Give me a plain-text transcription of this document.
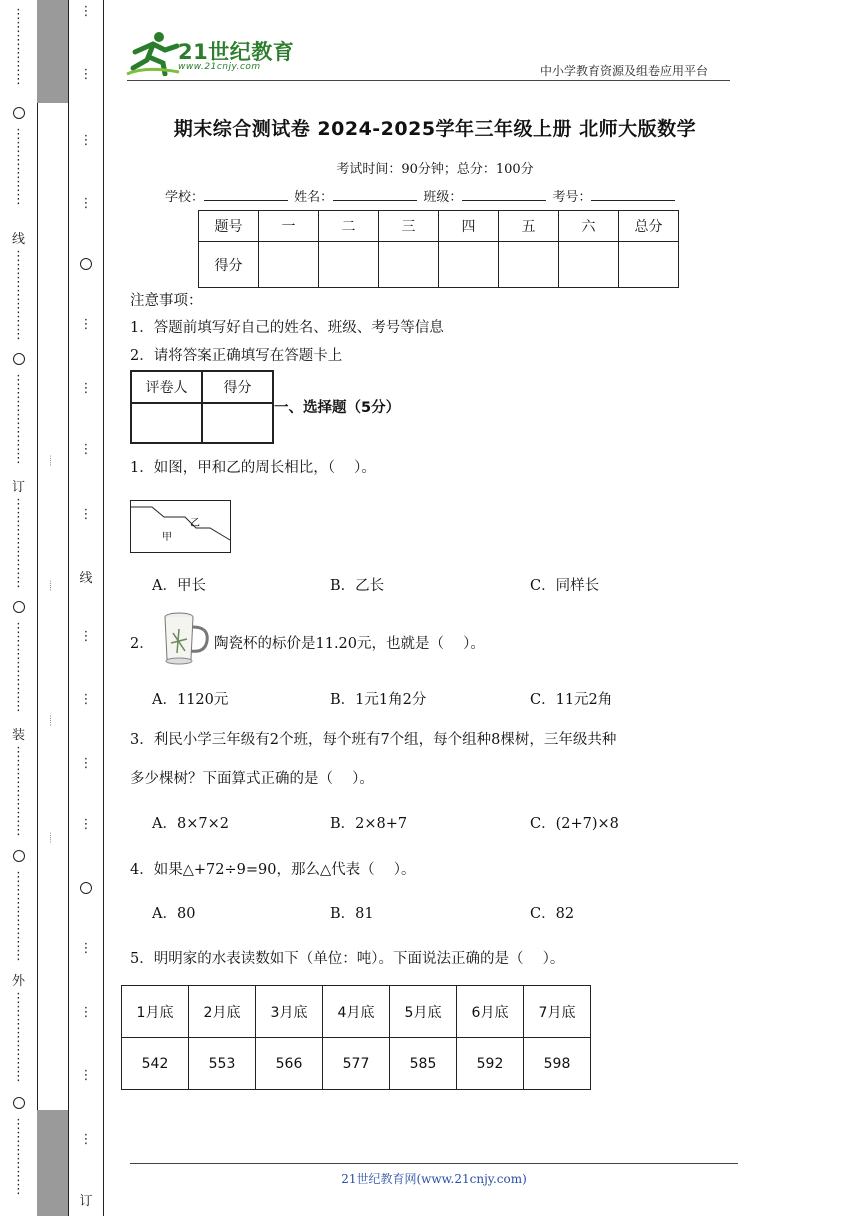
⋮
⋮
⋮
⋮
⋮
⋮
⋮
⋮
⋮
⋮
⋮
⋮
线
⋮
⋮
⋮
⋮
⋮
⋮
⋮
⋮
⋮
⋮
⋮
⋮
⋮
⋮
订
⋮
⋮
⋮
⋮
⋮
⋮
⋮
⋮
⋮
⋮
⋮
⋮
⋮
⋮
装
⋮
⋮
⋮
⋮
⋮
⋮
⋮
⋮
⋮
⋮
⋮
⋮
⋮
⋮
外
⋮
⋮
⋮
⋮
⋮
⋮
⋮
⋮
⋮
⋮
⋮
⋮
⋮
⋮
⋮
⋮
⋮
⋮
⋮
⋮
⋮
线
⋮
⋮
⋮
⋮
⋮
⋮
⋮
⋮
订
·····
·····
·····
·····
21世纪教育
www.21cnjy.com	中小学教育资源及组卷应用平台
期末综合测试卷 2024-2025学年三年级上册 北师大版数学
考试时间：90分钟；总分：100分
学校：	姓名：	班级：	考号：
题号	一	二	三	四	五	六	总分
得分							
注意事项：
1．答题前填写好自己的姓名、班级、考号等信息
2．请将答案正确填写在答题卡上
评卷人	得分

一、选择题（5分）
1．如图，甲和乙的周长相比，（　 ）。
乙
甲
A．甲长	B．乙长	C．同样长
2．	陶瓷杯的标价是11.20元，也就是（　 ）。
A．1120元	B．1元1角2分	C．11元2角
3．利民小学三年级有2个班，每个班有7个组，每个组种8棵树，三年级共种
多少棵树？下面算式正确的是（　 ）。
A．8×7×2	B．2×8+7	C．(2+7)×8
4．如果△+72÷9=90，那么△代表（　 ）。
A．80	B．81	C．82
5．明明家的水表读数如下（单位：吨）。下面说法正确的是（　 ）。
1月底	2月底	3月底	4月底	5月底	6月底	7月底
542	553	566	577	585	592	598
21世纪教育网(www.21cnjy.com)
